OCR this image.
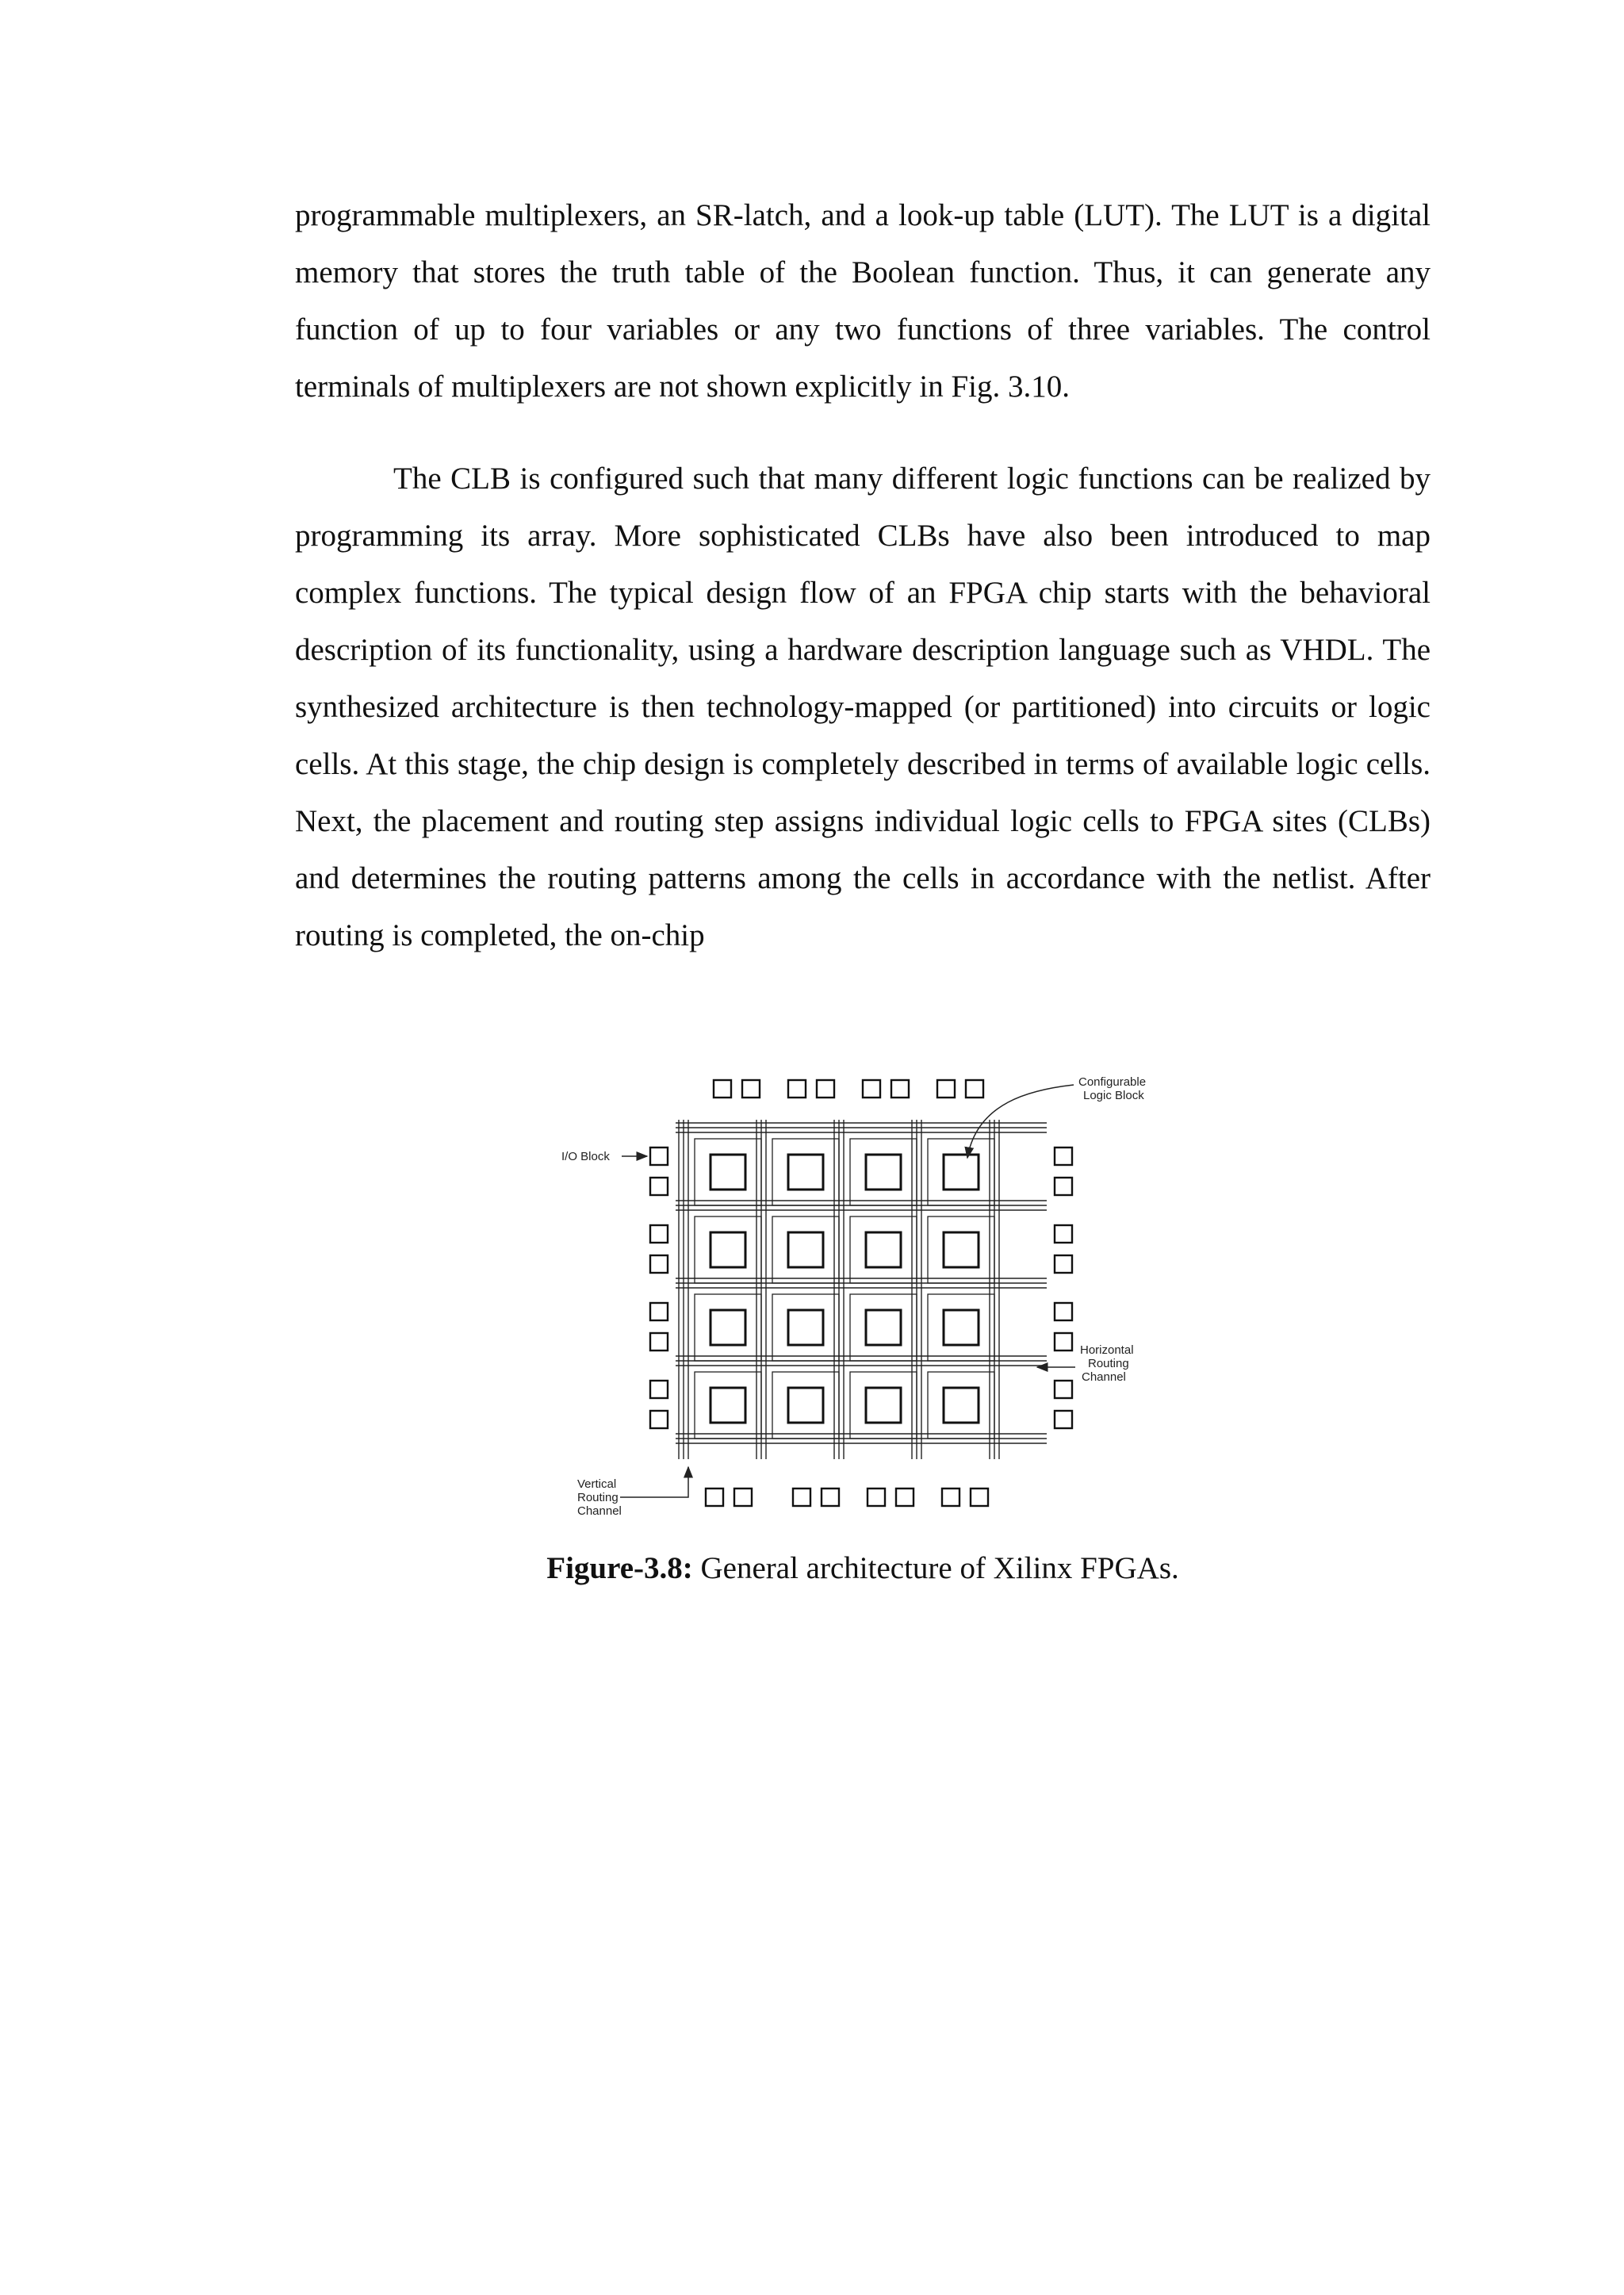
programmable multiplexers, an SR-latch, and a look-up table (LUT). The LUT is a digital memory that stores the truth table of the Boolean function. Thus, it can generate any function of up to four variables or any two functions of three variables. The control terminals of multiplexers are not shown explicitly in Fig. 3.10.

The CLB is configured such that many different logic functions can be realized by programming its array. More sophisticated CLBs have also been introduced to map complex functions. The typical design flow of an FPGA chip starts with the behavioral description of its functionality, using a hardware description language such as VHDL. The synthesized architecture is then technology-mapped (or partitioned) into circuits or logic cells. At this stage, the chip design is completely described in terms of available logic cells. Next, the placement and routing step assigns individual logic cells to FPGA sites (CLBs) and determines the routing patterns among the cells in accordance with the netlist. After routing is completed, the on-chip

Configurable
Logic Block
I/O Block
Horizontal
Routing
Channel
Vertical
Routing
Channel

Figure-3.8: General architecture of Xilinx FPGAs.
